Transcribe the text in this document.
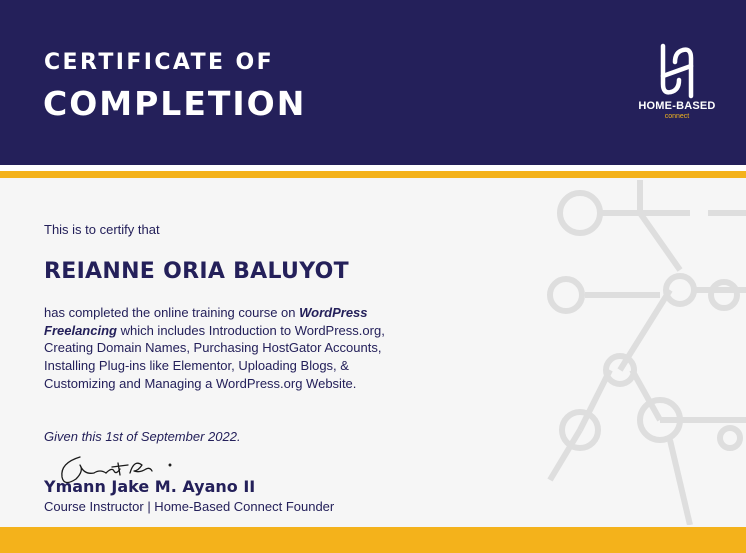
CERTIFICATE OF
COMPLETION	HOME-BASED
connect
This is to certify that
REIANNE ORIA BALUYOT
has completed the online training course on WordPress Freelancing which includes Introduction to WordPress.org, Creating Domain Names, Purchasing HostGator Accounts, Installing Plug-ins like Elementor, Uploading Blogs, & Customizing and Managing a WordPress.org Website.
Given this 1st of September 2022.
Ymann Jake M. Ayano II
Course Instructor | Home-Based Connect Founder
